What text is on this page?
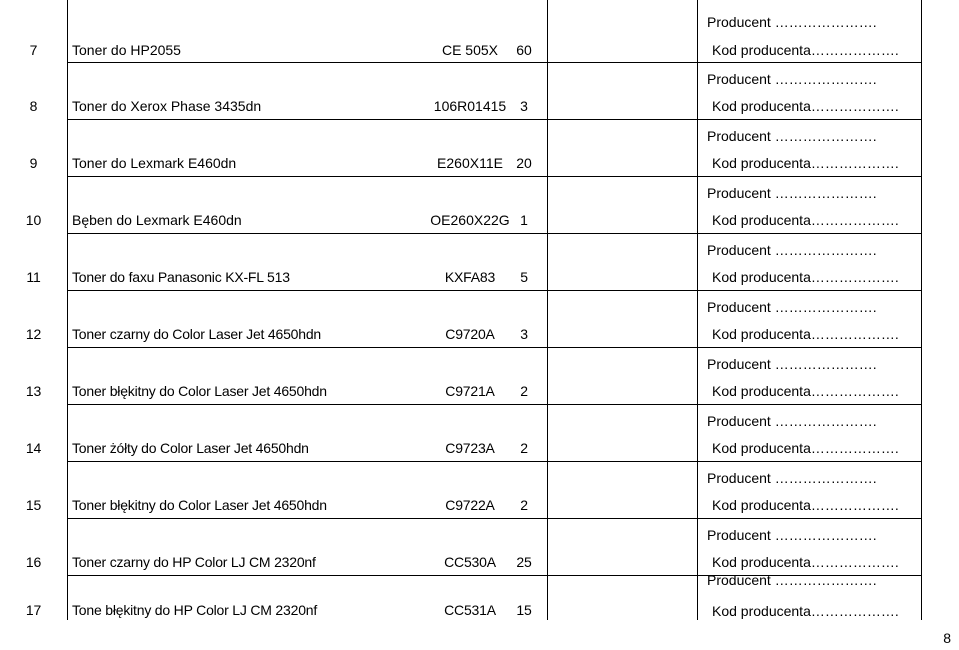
7	Toner do HP2055	CE 505X	60
Producent ………………….
Kod producenta……………….
8	Toner do Xerox Phase 3435dn	106R01415 3
Producent ………………….
Kod producenta……………….
9	Toner do Lexmark E460dn	E260X11E 20
Producent ………………….
Kod producenta……………….
10	Bęben do Lexmark E460dn	OE260X22G 1
Producent ………………….
Kod producenta……………….
11	Toner do faxu Panasonic KX-FL 513	KXFA83	5
Producent ………………….
Kod producenta……………….
12	Toner czarny do Color Laser Jet 4650hdn	C9720A	3
Producent ………………….
Kod producenta……………….
13	Toner błękitny do Color Laser Jet 4650hdn	C9721A	2
Producent ………………….
Kod producenta……………….
14	Toner żółty do Color Laser Jet 4650hdn	C9723A	2
Producent ………………….
Kod producenta……………….
15	Toner błękitny do Color Laser Jet 4650hdn	C9722A	2
Producent ………………….
Kod producenta……………….
16	Toner czarny do HP Color LJ CM 2320nf	CC530A	25
Producent ………………….
Kod producenta……………….
17	Tone błękitny do HP Color LJ CM 2320nf	CC531A	15
Producent ………………….
Kod producenta……………….
8
